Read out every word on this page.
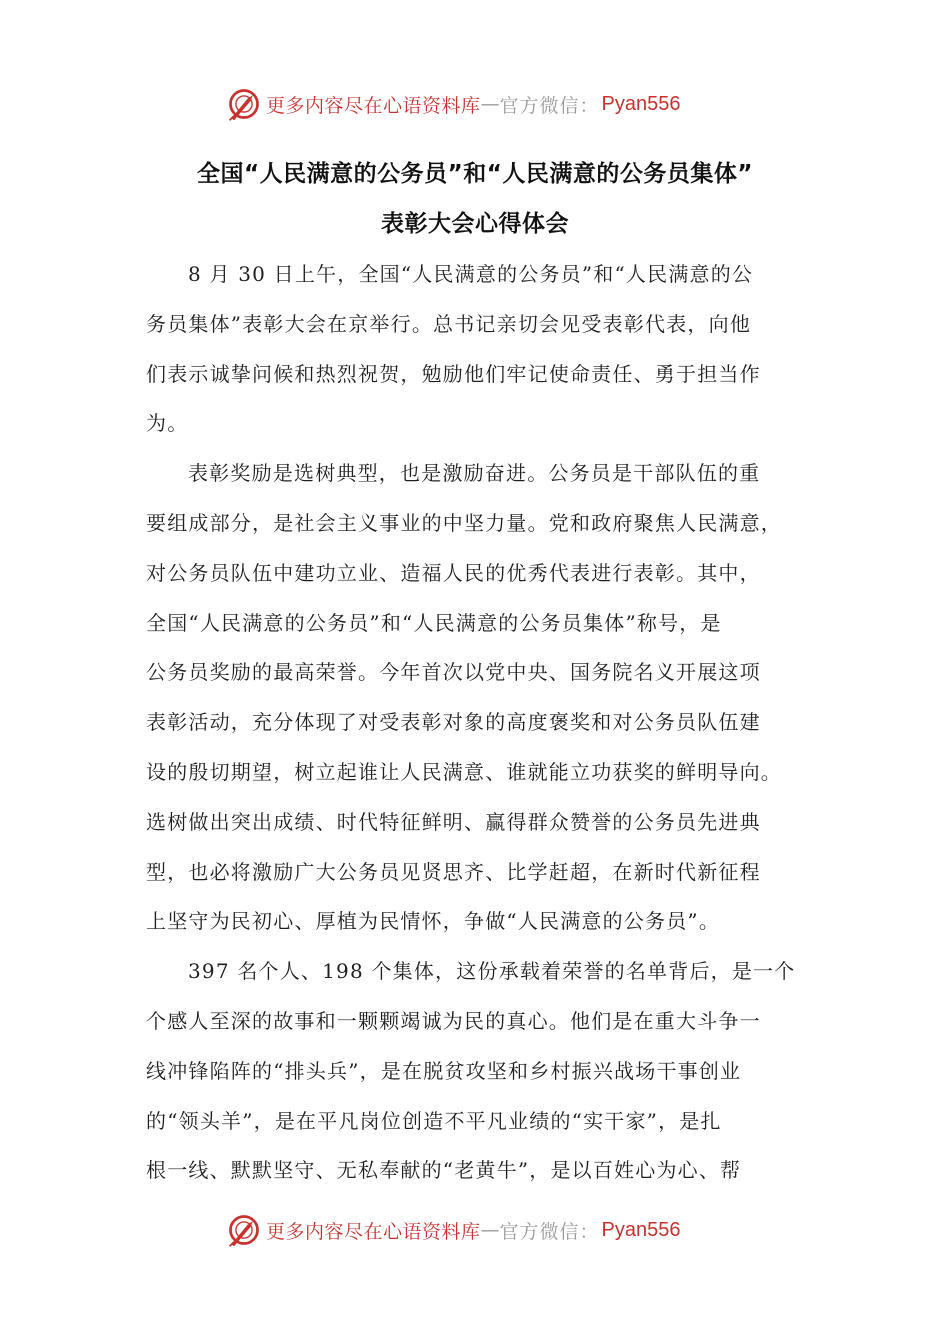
更多内容尽在心语资料库 — 官方微信： Pyan556
全国“人民满意的公务员”和“人民满意的公务员集体”
表彰大会心得体会
8 月 30 日上午，全国“人民满意的公务员”和“人民满意的公
务员集体”表彰大会在京举行。总书记亲切会见受表彰代表，向他
们表示诚挚问候和热烈祝贺，勉励他们牢记使命责任、勇于担当作
为。
表彰奖励是选树典型，也是激励奋进。公务员是干部队伍的重
要组成部分，是社会主义事业的中坚力量。党和政府聚焦人民满意，
对公务员队伍中建功立业、造福人民的优秀代表进行表彰。其中，
全国“人民满意的公务员”和“人民满意的公务员集体”称号，是
公务员奖励的最高荣誉。今年首次以党中央、国务院名义开展这项
表彰活动，充分体现了对受表彰对象的高度褒奖和对公务员队伍建
设的殷切期望，树立起谁让人民满意、谁就能立功获奖的鲜明导向。
选树做出突出成绩、时代特征鲜明、赢得群众赞誉的公务员先进典
型，也必将激励广大公务员见贤思齐、比学赶超，在新时代新征程
上坚守为民初心、厚植为民情怀，争做“人民满意的公务员”。
397 名个人、198 个集体，这份承载着荣誉的名单背后，是一个
个感人至深的故事和一颗颗竭诚为民的真心。他们是在重大斗争一
线冲锋陷阵的“排头兵”，是在脱贫攻坚和乡村振兴战场干事创业
的“领头羊”，是在平凡岗位创造不平凡业绩的“实干家”，是扎
根一线、默默坚守、无私奉献的“老黄牛”，是以百姓心为心、帮
更多内容尽在心语资料库 — 官方微信： Pyan556
